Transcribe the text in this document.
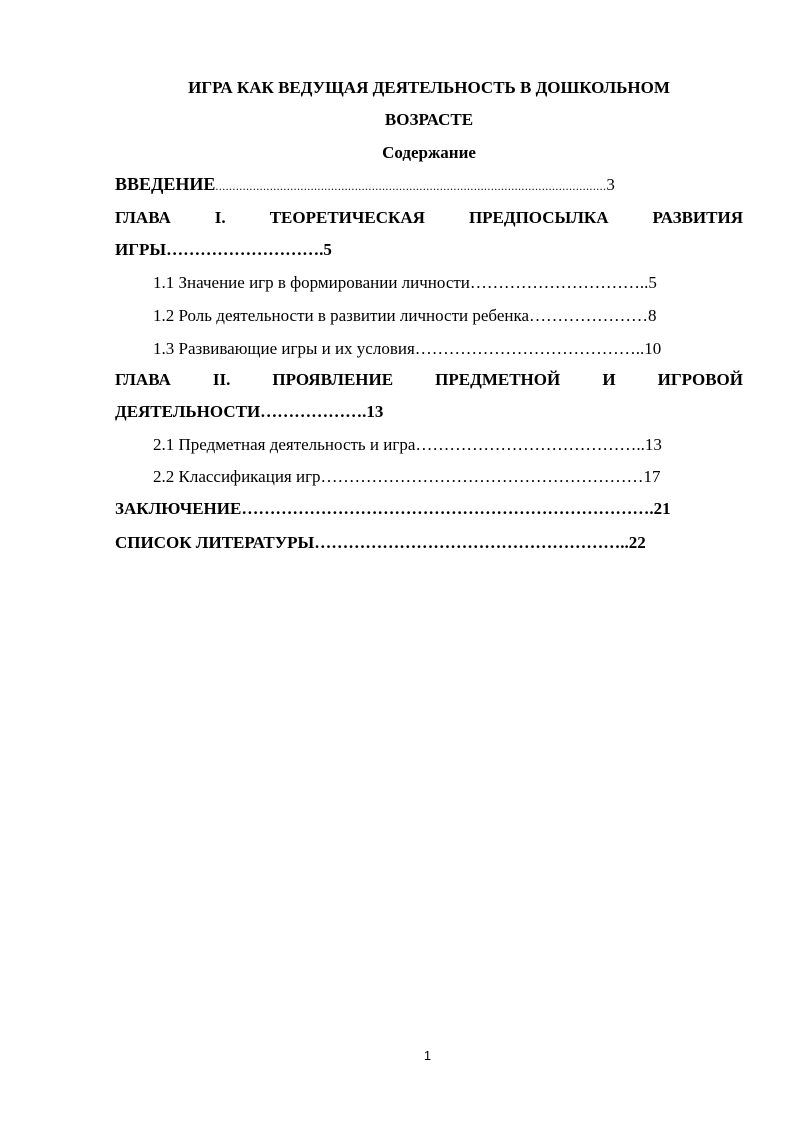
ИГРА КАК ВЕДУЩАЯ ДЕЯТЕЛЬНОСТЬ В ДОШКОЛЬНОМ
ВОЗРАСТЕ
Содержание
ВВЕДЕНИЕ...................................................................................................................3
ГЛАВА	I.	ТЕОРЕТИЧЕСКАЯ	ПРЕДПОСЫЛКА	РАЗВИТИЯ
ИГРЫ……………………….5
1.1 Значение игр в формировании личности…………………………..5
1.2 Роль деятельности в развитии личности ребенка…………………8
1.3 Развивающие игры и их условия…………………………………..10
ГЛАВА II. ПРОЯВЛЕНИЕ ПРЕДМЕТНОЙ И ИГРОВОЙ
ДЕЯТЕЛЬНОСТИ……………….13
2.1 Предметная деятельность и игра…………………………………..13
2.2 Классификация игр…………………………………………………17
ЗАКЛЮЧЕНИЕ……………………………………………………………….21
СПИСОК ЛИТЕРАТУРЫ………………………………………………..22
1
